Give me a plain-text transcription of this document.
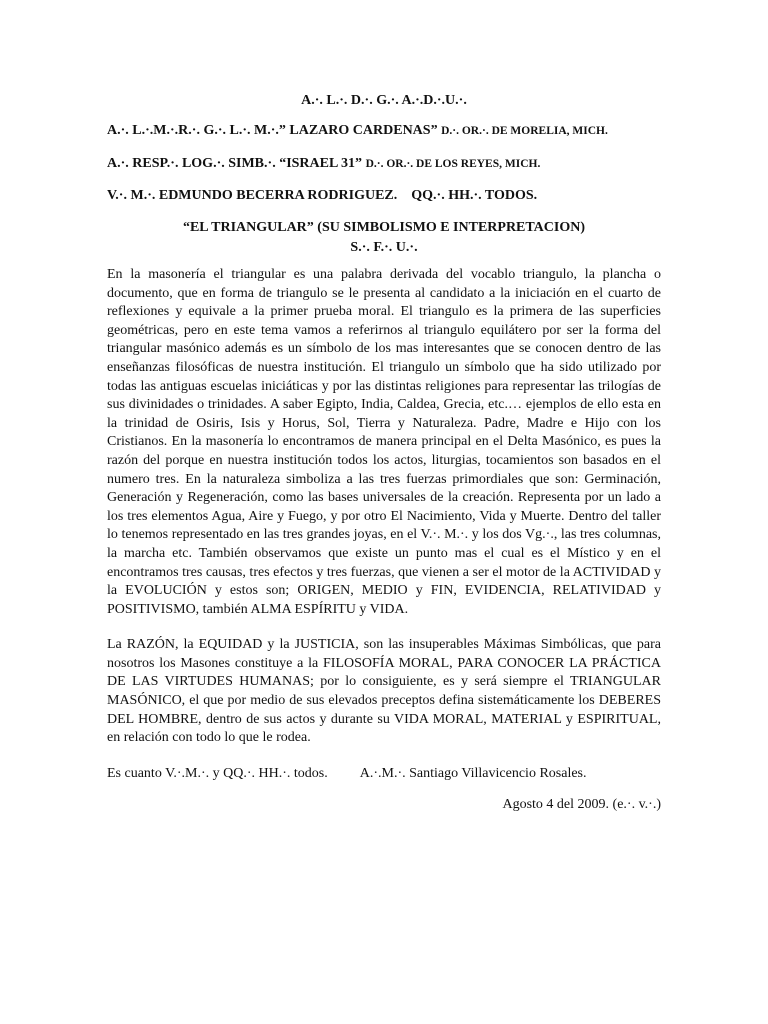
A.·. L.·. D.·. G.·. A.·.D.·.U.·.
A.·. L.·.M.·.R.·. G.·. L.·. M.·.” LAZARO CARDENAS” D.·. OR.·. DE MORELIA, MICH.
A.·. RESP.·. LOG.·. SIMB.·. “ISRAEL 31” D.·. OR.·. DE LOS REYES, MICH.
V.·. M.·. EDMUNDO BECERRA RODRIGUEZ.    QQ.·. HH.·. TODOS.
“EL TRIANGULAR” (SU SIMBOLISMO E INTERPRETACION)
S.·. F.·. U.·.

En la masonería el triangular es una palabra derivada del vocablo triangulo, la plancha o documento, que en forma de triangulo se le presenta al candidato a la iniciación en el cuarto de reflexiones y equivale a la primer prueba moral. El triangulo es la primera de las superficies geométricas, pero en este tema vamos a referirnos al triangulo equilátero por ser la forma del triangular masónico además es un símbolo de los mas interesantes que se conocen dentro de las enseñanzas filosóficas de nuestra institución. El triangulo un símbolo que ha sido utilizado por todas las antiguas escuelas iniciáticas y por las distintas religiones para representar las trilogías de sus divinidades o trinidades. A saber Egipto, India, Caldea, Grecia, etc.… ejemplos de ello esta en la trinidad de Osiris, Isis y Horus, Sol, Tierra y Naturaleza. Padre, Madre e Hijo con los Cristianos. En la masonería lo encontramos de manera principal en el Delta Masónico, es pues la razón del porque en nuestra institución todos los actos, liturgias, tocamientos son basados en el numero tres. En la naturaleza simboliza a las tres fuerzas primordiales que son: Germinación, Generación y Regeneración, como las bases universales de la creación. Representa por un lado a los tres elementos Agua, Aire y Fuego, y por otro El Nacimiento, Vida y Muerte. Dentro del taller lo tenemos representado en las tres grandes joyas, en el V.·. M.·. y los dos Vg.·., las tres columnas, la marcha etc. También observamos que existe un punto mas el cual es el Místico y en el encontramos tres causas, tres efectos y tres fuerzas, que vienen a ser el motor de la ACTIVIDAD y la EVOLUCIÓN y estos son; ORIGEN, MEDIO y FIN, EVIDENCIA, RELATIVIDAD y POSITIVISMO, también ALMA ESPÍRITU y VIDA.

La RAZÓN, la EQUIDAD y la JUSTICIA, son las insuperables Máximas Simbólicas, que para nosotros los Masones constituye a la FILOSOFÍA MORAL, PARA CONOCER LA PRÁCTICA DE LAS VIRTUDES HUMANAS; por lo consiguiente, es y será siempre el TRIANGULAR MASÓNICO, el que por medio de sus elevados preceptos defina sistemáticamente los DEBERES DEL HOMBRE, dentro de sus actos y durante su VIDA MORAL, MATERIAL y ESPIRITUAL, en relación con todo lo que le rodea.

Es cuanto V.·.M.·. y QQ.·. HH.·. todos. A.·.M.·. Santiago Villavicencio Rosales.
Agosto 4 del 2009. (e.·. v.·.)
